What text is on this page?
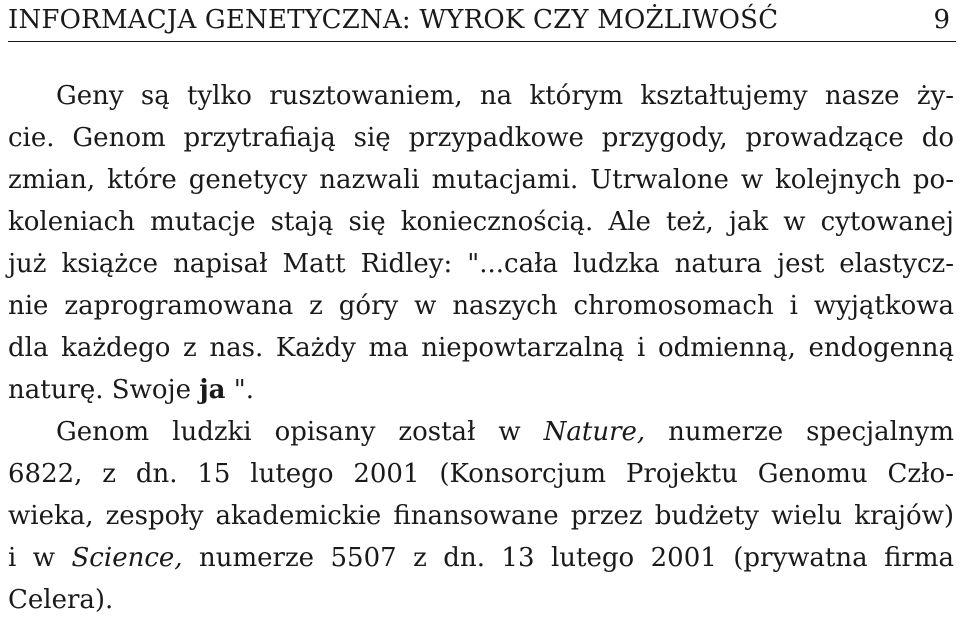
INFORMACJA GENETYCZNA: WYROK CZY MOŻLIWOŚĆ	9
Geny są tylko rusztowaniem, na którym kształtujemy nasze ży-
cie. Genom przytrafiają się przypadkowe przygody, prowadzące do
zmian, które genetycy nazwali mutacjami. Utrwalone w kolejnych po-
koleniach mutacje stają się koniecznością. Ale też, jak w cytowanej
już książce napisał Matt Ridley: "...cała ludzka natura jest elastycz-
nie zaprogramowana z góry w naszych chromosomach i wyjątkowa
dla każdego z nas. Każdy ma niepowtarzalną i odmienną, endogenną
naturę. Swoje ja ".
Genom ludzki opisany został w Nature, numerze specjalnym
6822, z dn. 15 lutego 2001 (Konsorcjum Projektu Genomu Czło-
wieka, zespoły akademickie finansowane przez budżety wielu krajów)
i w Science, numerze 5507 z dn. 13 lutego 2001 (prywatna firma
Celera).
